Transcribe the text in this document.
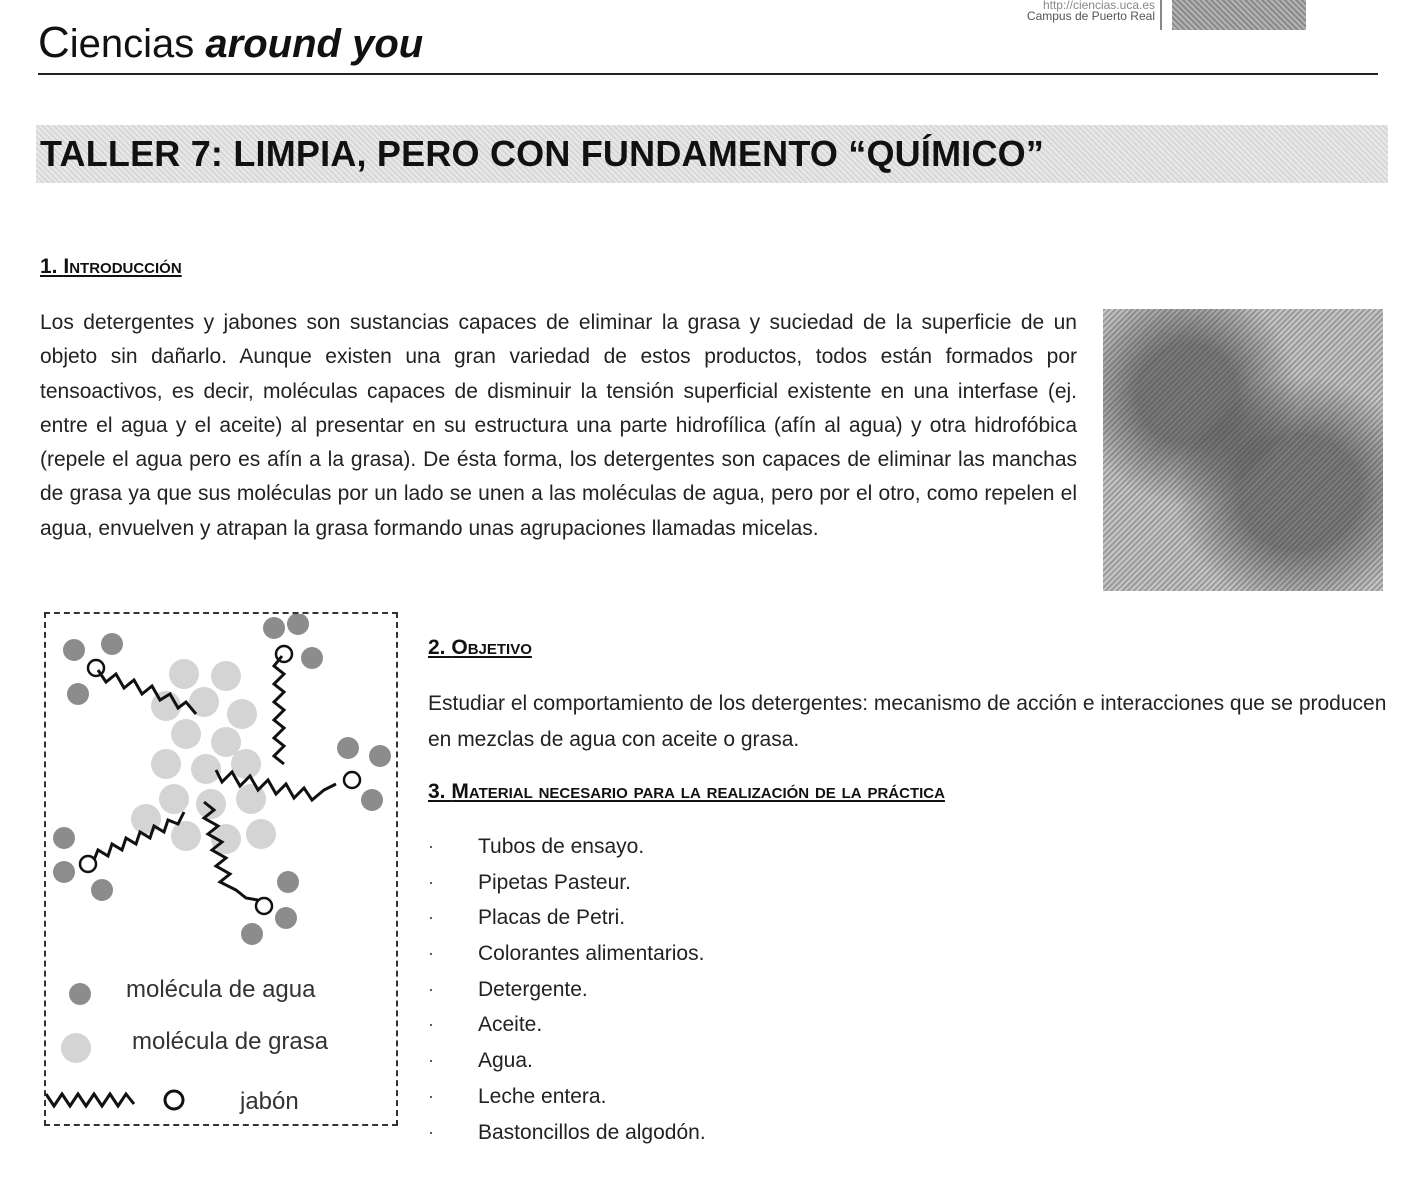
Ciencias around you
http://ciencias.uca.es
Campus de Puerto Real
TALLER 7: LIMPIA, PERO CON FUNDAMENTO “QUÍMICO”
1. Introducción
Los detergentes y jabones son sustancias capaces de eliminar la grasa y suciedad de la superficie de un objeto sin dañarlo. Aunque existen una gran variedad de estos productos, todos están formados por tensoactivos, es decir, moléculas capaces de disminuir la tensión superficial existente en una interfase (ej. entre el agua y el aceite) al presentar en su estructura una parte hidrofílica (afín al agua) y otra hidrofóbica (repele el agua pero es afín a la grasa). De ésta forma, los detergentes son capaces de eliminar las manchas de grasa ya que sus moléculas por un lado se unen a las moléculas de agua, pero por el otro, como repelen el agua, envuelven y atrapan la grasa formando unas agrupaciones llamadas micelas.
molécula de agua
molécula de grasa
jabón
2. Objetivo
Estudiar el comportamiento de los detergentes: mecanismo de acción e interacciones que se producen en mezclas de agua con aceite o grasa.
3. Material necesario para la realización de la práctica
· Tubos de ensayo.
· Pipetas Pasteur.
· Placas de Petri.
· Colorantes alimentarios.
· Detergente.
· Aceite.
· Agua.
· Leche entera.
· Bastoncillos de algodón.
